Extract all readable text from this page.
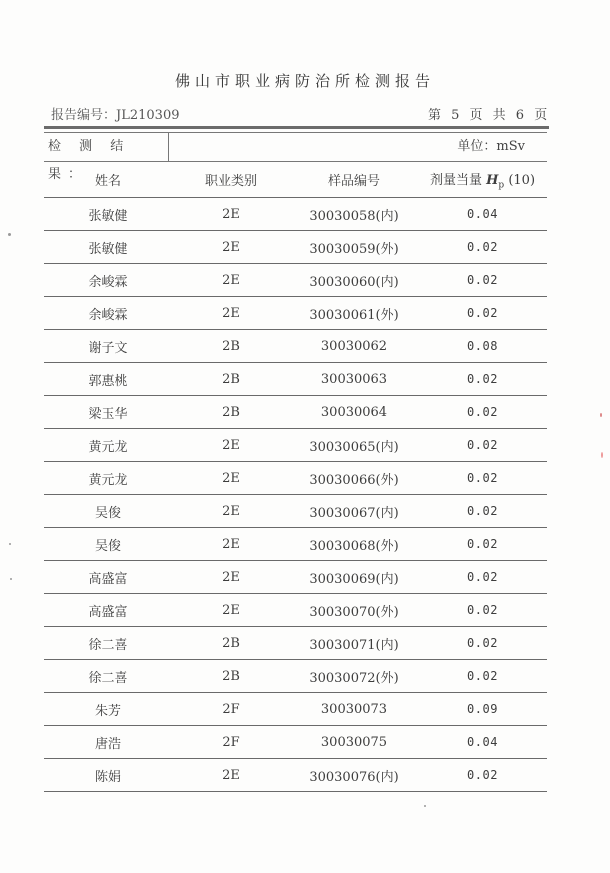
佛山市职业病防治所检测报告
报告编号：JL210309	第 5 页 共 6 页
检 测 结 果：
单位：mSv
姓名	职业类别	样品编号	剂量当量 $H_p$ (10)
张敏健	2E	30030058(内)	0.04
张敏健	2E	30030059(外)	0.02
余峻霖	2E	30030060(内)	0.02
余峻霖	2E	30030061(外)	0.02
谢子文	2B	30030062	0.08
郭惠桃	2B	30030063	0.02
梁玉华	2B	30030064	0.02
黄元龙	2E	30030065(内)	0.02
黄元龙	2E	30030066(外)	0.02
吴俊	2E	30030067(内)	0.02
吴俊	2E	30030068(外)	0.02
高盛富	2E	30030069(内)	0.02
高盛富	2E	30030070(外)	0.02
徐二喜	2B	30030071(内)	0.02
徐二喜	2B	30030072(外)	0.02
朱芳	2F	30030073	0.09
唐浩	2F	30030075	0.04
陈娟	2E	30030076(内)	0.02
